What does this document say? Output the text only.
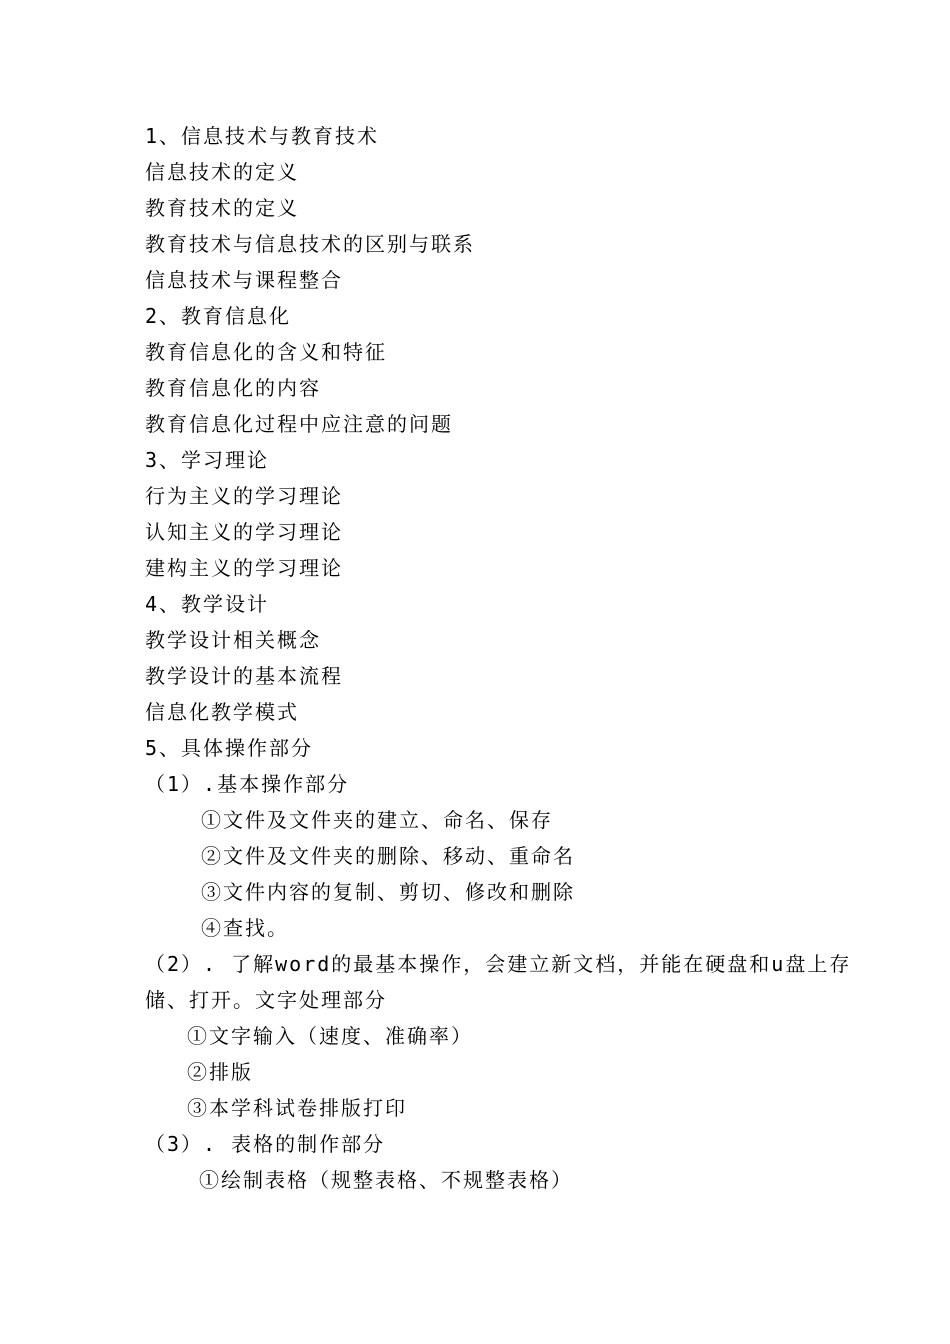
1、信息技术与教育技术
信息技术的定义
教育技术的定义
教育技术与信息技术的区别与联系
信息技术与课程整合
2、教育信息化
教育信息化的含义和特征
教育信息化的内容
教育信息化过程中应注意的问题
3、学习理论
行为主义的学习理论
认知主义的学习理论
建构主义的学习理论
4、教学设计
教学设计相关概念
教学设计的基本流程
信息化教学模式
5、具体操作部分
（1）.基本操作部分
①文件及文件夹的建立、命名、保存
②文件及文件夹的删除、移动、重命名
③文件内容的复制、剪切、修改和删除
④查找。
（2）. 了解word的最基本操作，会建立新文档，并能在硬盘和u盘上存
储、打开。文字处理部分
①文字输入（速度、准确率）
②排版
③本学科试卷排版打印
（3）. 表格的制作部分
①绘制表格（规整表格、不规整表格）
